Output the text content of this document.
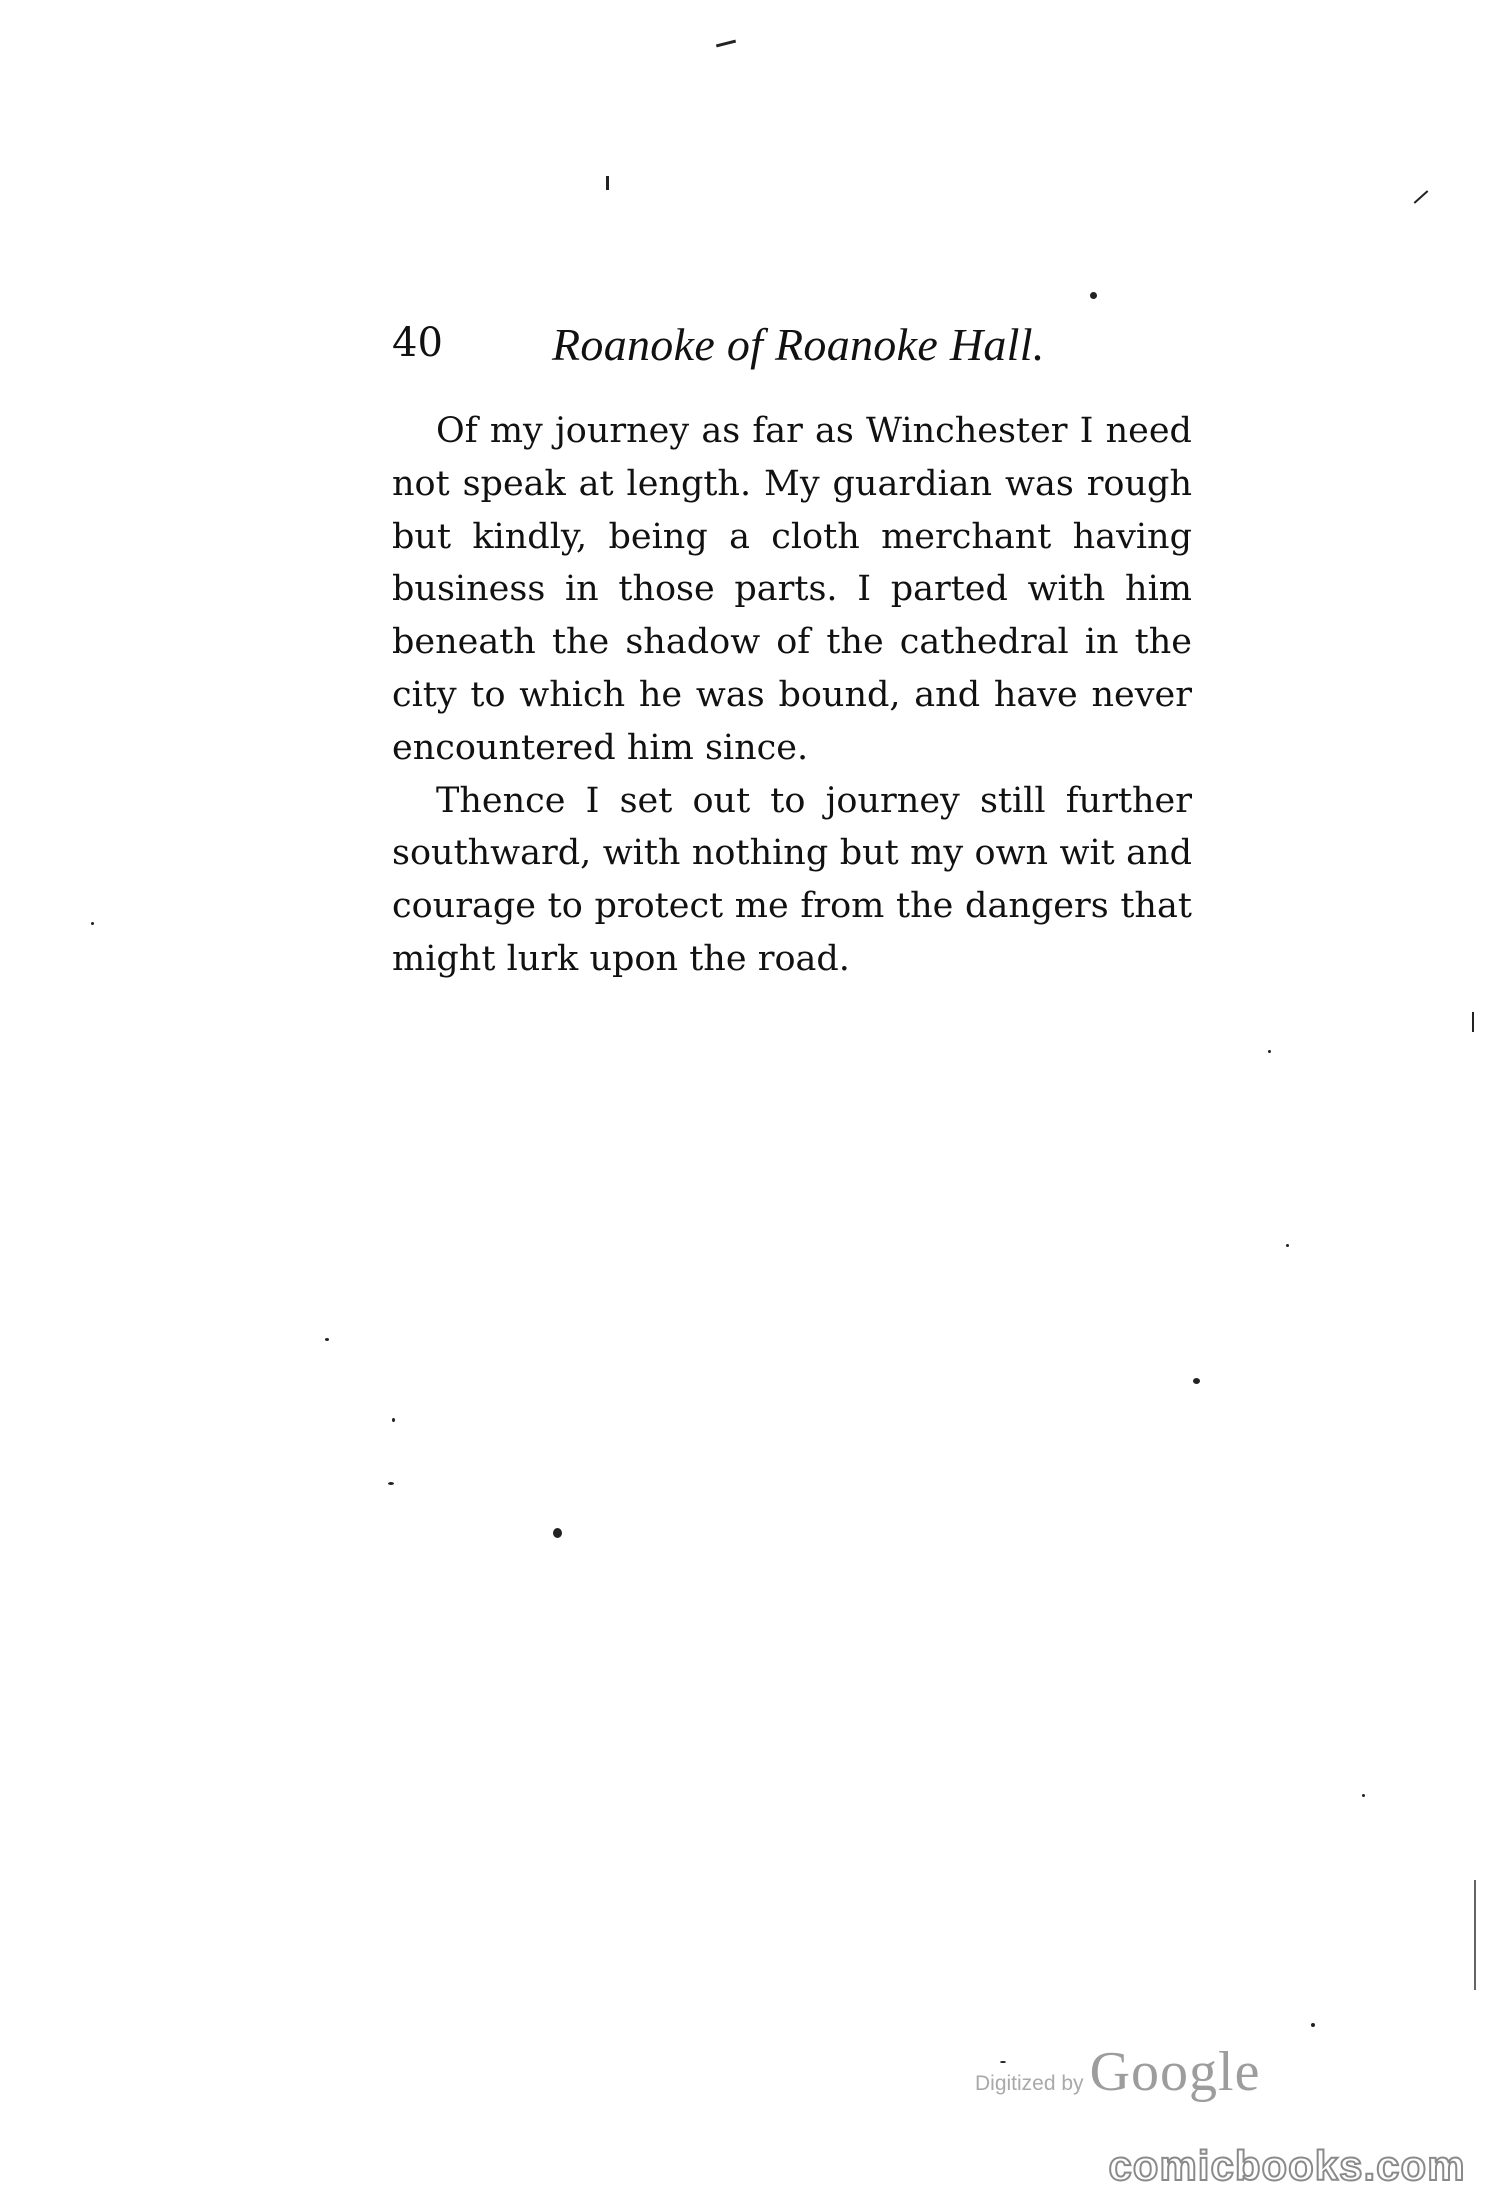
40 Roanoke of Roanoke Hall.
Of my journey as far as Winchester I need
not speak at length. My guardian was rough
but kindly, being a cloth merchant having
business in those parts. I parted with him
beneath the shadow of the cathedral in the
city to which he was bound, and have never
encountered him since.
Thence I set out to journey still further
southward, with nothing but my own wit and
courage to protect me from the dangers that
might lurk upon the road.
Digitized by Google
comicbooks.com
